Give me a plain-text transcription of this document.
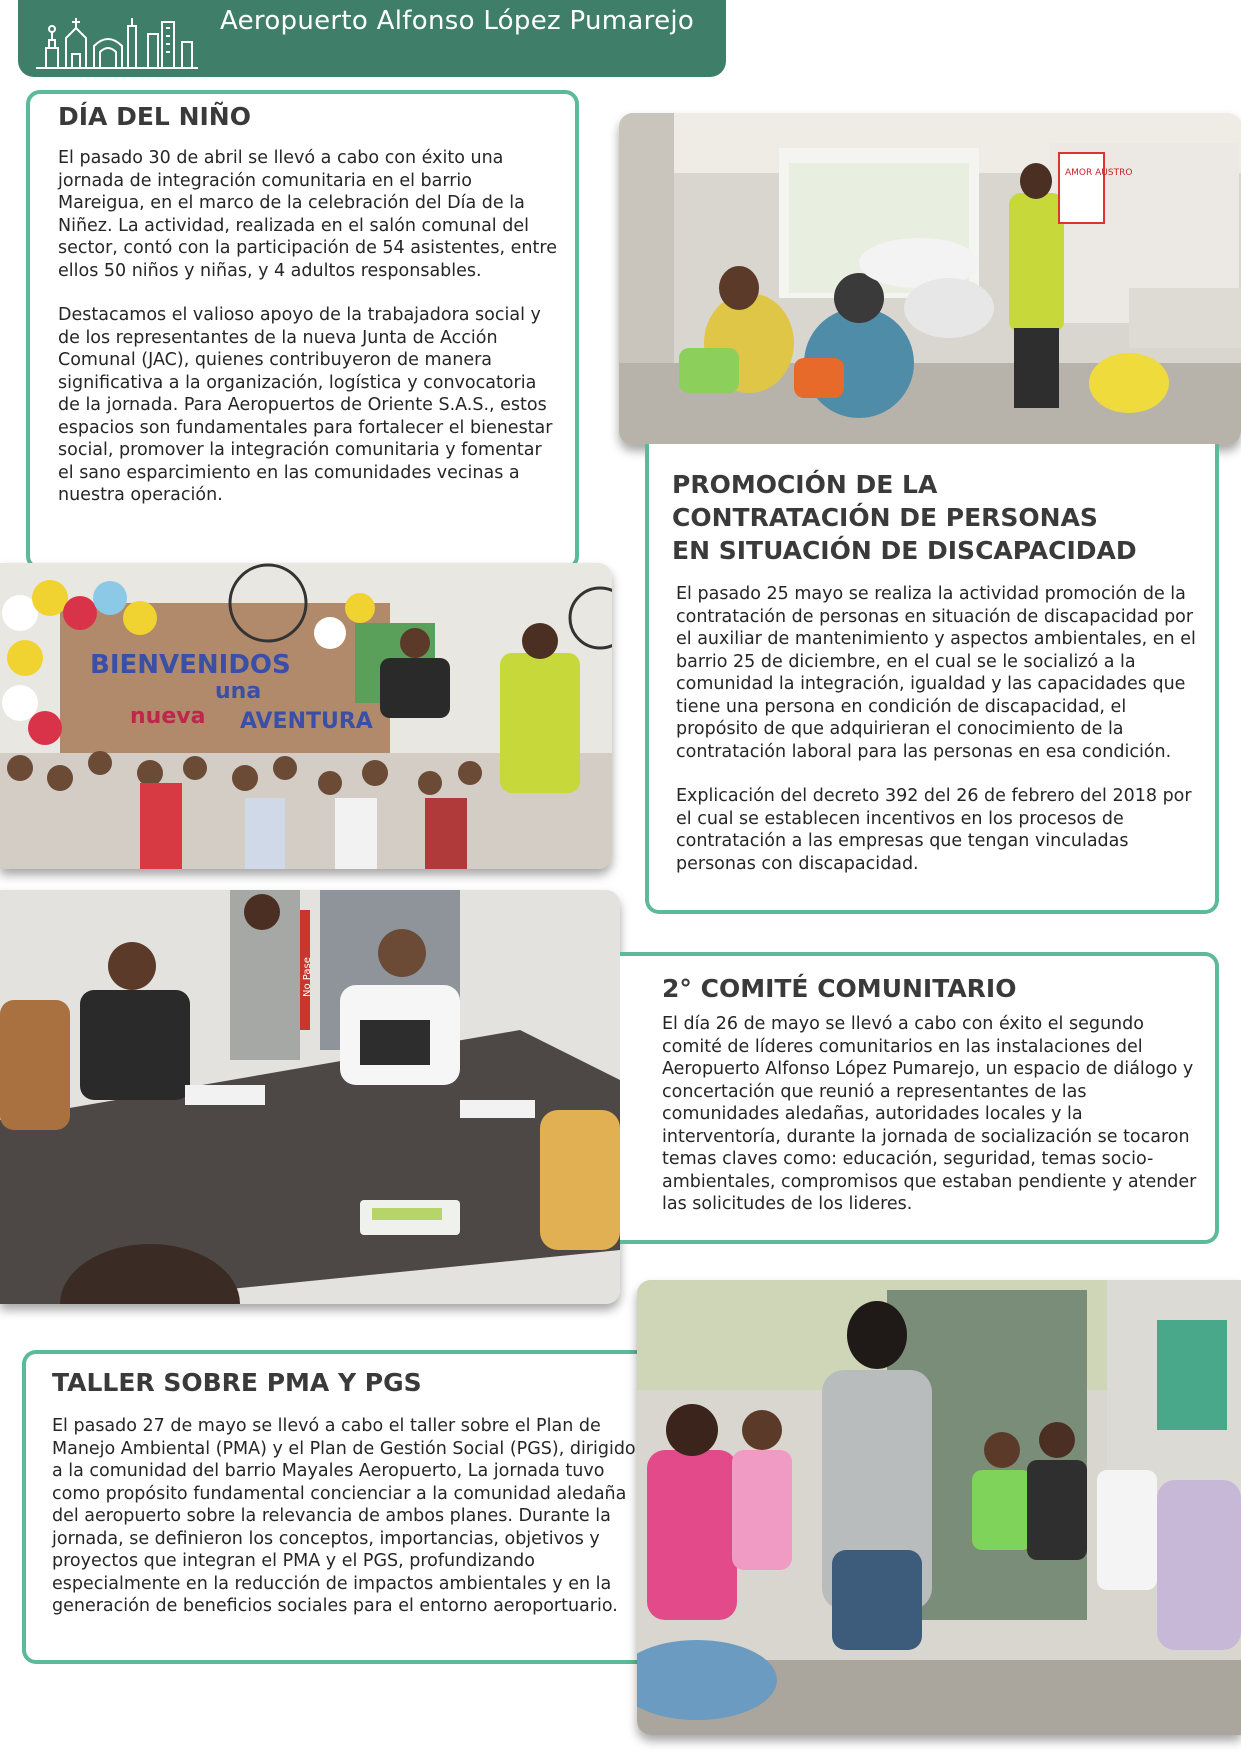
Aeropuerto Alfonso López Pumarejo
DÍA DEL NIÑO

El pasado 30 de abril se llevó a cabo con éxito una jornada de integración comunitaria en el barrio Mareigua, en el marco de la celebración del Día de la Niñez. La actividad, realizada en el salón comunal del sector, contó con la participación de 54 asistentes, entre ellos 50 niños y niñas, y 4 adultos responsables.

Destacamos el valioso apoyo de la trabajadora social y de los representantes de la nueva Junta de Acción Comunal (JAC), quienes contribuyeron de manera significativa a la organización, logística y convocatoria de la jornada. Para Aeropuertos de Oriente S.A.S., estos espacios son fundamentales para fortalecer el bienestar social, promover la integración comunitaria y fomentar el sano esparcimiento en las comunidades vecinas a nuestra operación.

AMOR AUSTRO
PROMOCIÓN DE LA
CONTRATACIÓN DE PERSONAS
EN SITUACIÓN DE DISCAPACIDAD

El pasado 25 mayo se realiza la actividad promoción de la contratación de personas en situación de discapacidad por el auxiliar de mantenimiento y aspectos ambientales, en el barrio 25 de diciembre, en el cual se le socializó a la comunidad la integración, igualdad y las capacidades que tiene una persona en condición de discapacidad, el propósito de que adquirieran el conocimiento de la contratación laboral para las personas en esa condición.

Explicación del decreto 392 del 26 de febrero del 2018 por el cual se establecen incentivos en los procesos de contratación a las empresas que tengan vinculadas personas con discapacidad.

BIENVENIDOS
una
nueva AVENTURA
No Pase	2° COMITÉ COMUNITARIO

El día 26 de mayo se llevó a cabo con éxito el segundo comité de líderes comunitarios en las instalaciones del Aeropuerto Alfonso López Pumarejo, un espacio de diálogo y concertación que reunió a representantes de las comunidades aledañas, autoridades locales y la interventoría, durante la jornada de socialización se tocaron temas claves como: educación, seguridad, temas socio-ambientales, compromisos que estaban pendiente y atender las solicitudes de los lideres.

TALLER SOBRE PMA Y PGS

El pasado 27 de mayo se llevó a cabo el taller sobre el Plan de Manejo Ambiental (PMA) y el Plan de Gestión Social (PGS), dirigido a la comunidad del barrio Mayales Aeropuerto, La jornada tuvo como propósito fundamental concienciar a la comunidad aledaña del aeropuerto sobre la relevancia de ambos planes. Durante la jornada, se definieron los conceptos, importancias, objetivos y proyectos que integran el PMA y el PGS, profundizando especialmente en la reducción de impactos ambientales y en la generación de beneficios sociales para el entorno aeroportuario.
